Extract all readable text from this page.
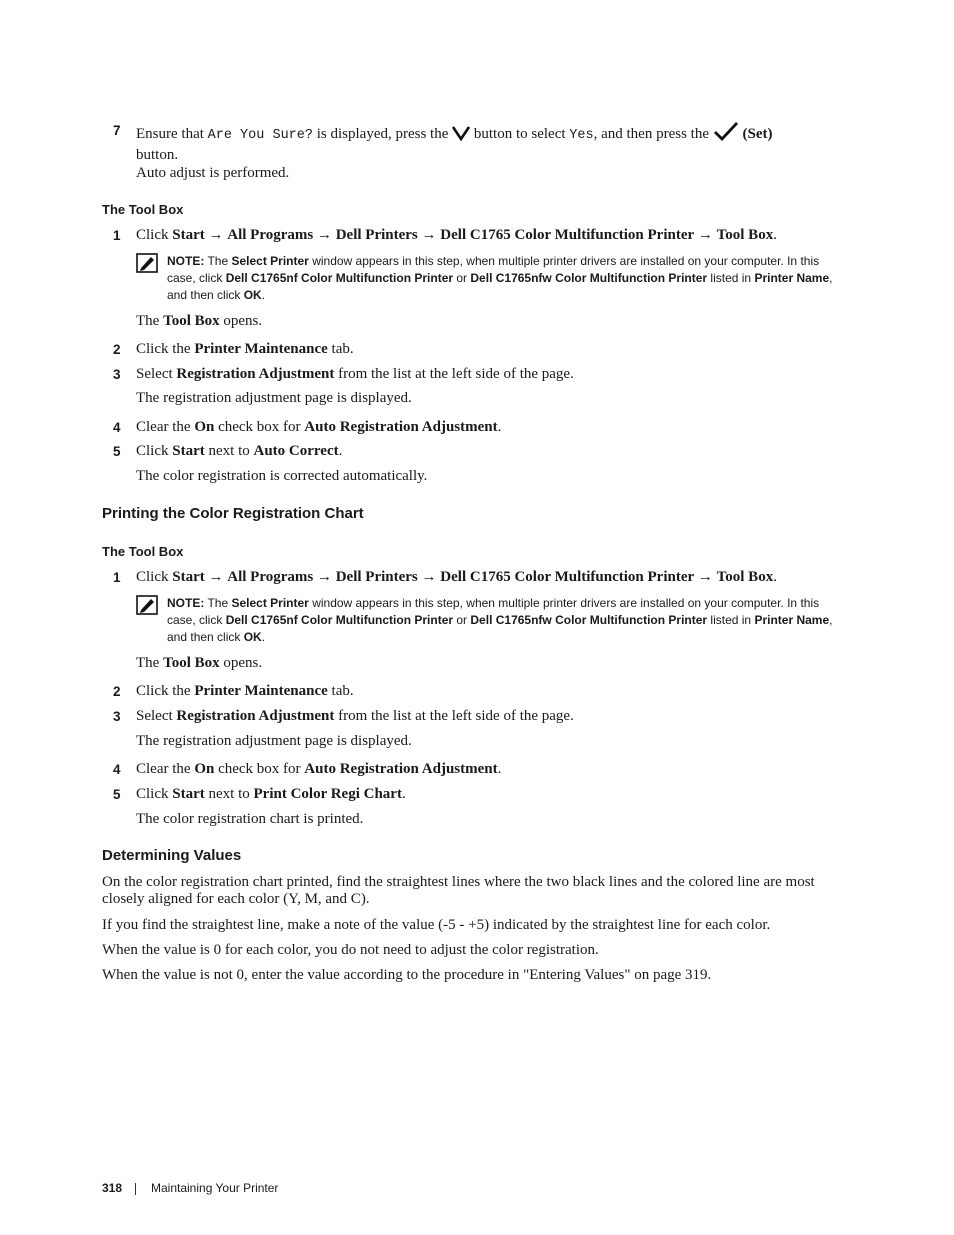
7 Ensure that Are You Sure? is displayed, press the  button to select Yes, and then press the  (Set)
button.
Auto adjust is performed.
The Tool Box
1 Click Start → All Programs → Dell Printers → Dell C1765 Color Multifunction Printer → Tool Box.
NOTE: The Select Printer window appears in this step, when multiple printer drivers are installed on your computer. In this case, click Dell C1765nf Color Multifunction Printer or Dell C1765nfw Color Multifunction Printer listed in Printer Name, and then click OK.
The Tool Box opens.
2 Click the Printer Maintenance tab.
3 Select Registration Adjustment from the list at the left side of the page.
The registration adjustment page is displayed.
4 Clear the On check box for Auto Registration Adjustment.
5 Click Start next to Auto Correct.
The color registration is corrected automatically.
Printing the Color Registration Chart
The Tool Box
1 Click Start → All Programs → Dell Printers → Dell C1765 Color Multifunction Printer → Tool Box.
NOTE: The Select Printer window appears in this step, when multiple printer drivers are installed on your computer. In this case, click Dell C1765nf Color Multifunction Printer or Dell C1765nfw Color Multifunction Printer listed in Printer Name, and then click OK.
The Tool Box opens.
2 Click the Printer Maintenance tab.
3 Select Registration Adjustment from the list at the left side of the page.
The registration adjustment page is displayed.
4 Clear the On check box for Auto Registration Adjustment.
5 Click Start next to Print Color Regi Chart.
The color registration chart is printed.
Determining Values
On the color registration chart printed, find the straightest lines where the two black lines and the colored line are most closely aligned for each color (Y, M, and C).
If you find the straightest line, make a note of the value (-5 - +5) indicated by the straightest line for each color.
When the value is 0 for each color, you do not need to adjust the color registration.
When the value is not 0, enter the value according to the procedure in "Entering Values" on page 319.
318 Maintaining Your Printer
